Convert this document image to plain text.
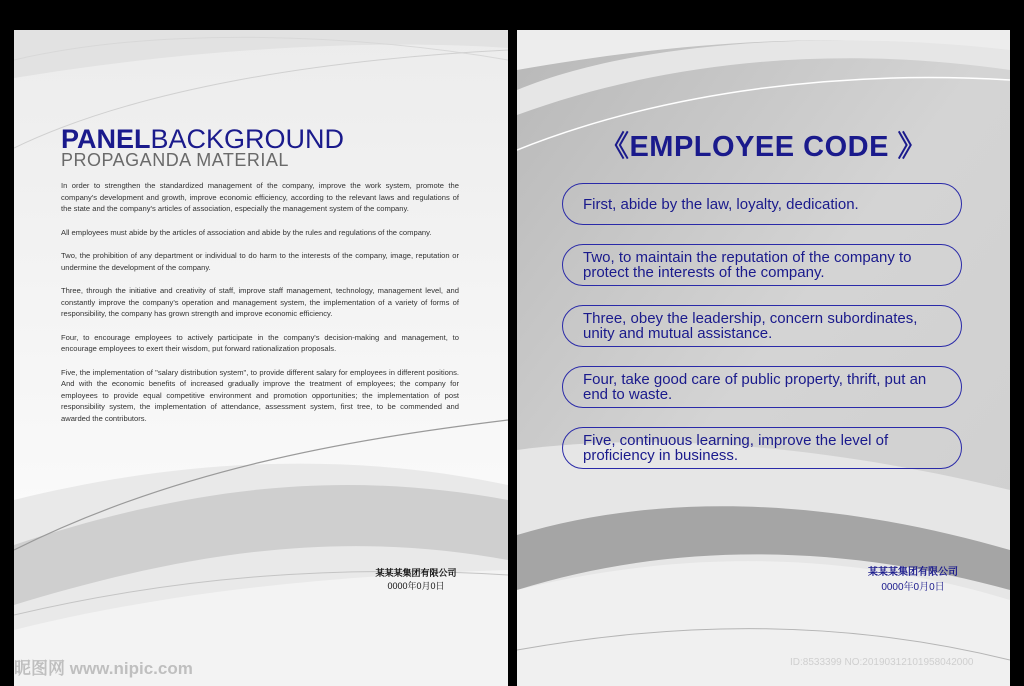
PANELBACKGROUND
PROPAGANDA MATERIAL

In order to strengthen the standardized management of the company, improve the work system, promote the company's development and growth, improve economic efficiency, according to the relevant laws and regulations of the state and the company's articles of association, especially the management system of the company.

All employees must abide by the articles of association and abide by the rules and regulations of the company.

Two, the prohibition of any department or individual to do harm to the interests of the company, image, reputation or undermine the development of the company.

Three, through the initiative and creativity of staff, improve staff management, technology, management level, and constantly improve the company's operation and management system, the implementation of a variety of forms of responsibility, the company has grown strength and improve economic efficiency.

Four, to encourage employees to actively participate in the company's decision-making and management, to encourage employees to exert their wisdom, put forward rationalization proposals.

Five, the implementation of "salary distribution system", to provide different salary for employees in different positions. And with the economic benefits of increased gradually improve the treatment of employees; the company for employees to provide equal competitive environment and promotion opportunities; the implementation of post responsibility system, the implementation of attendance, assessment system, first tree, to be commended and awarded the contributors.

某某某集团有限公司
0000年0月0日
《EMPLOYEE CODE 》
First, abide by the law, loyalty, dedication.
Two, to maintain the reputation of the company to protect the interests of the company.
Three, obey the leadership, concern subordinates, unity and mutual assistance.
Four, take good care of public property, thrift, put an end to waste.
Five, continuous learning, improve the level of proficiency in business.
某某某集团有限公司
0000年0月0日
昵图网 www.nipic.com	ID:8533399 NO:20190312101958042000
